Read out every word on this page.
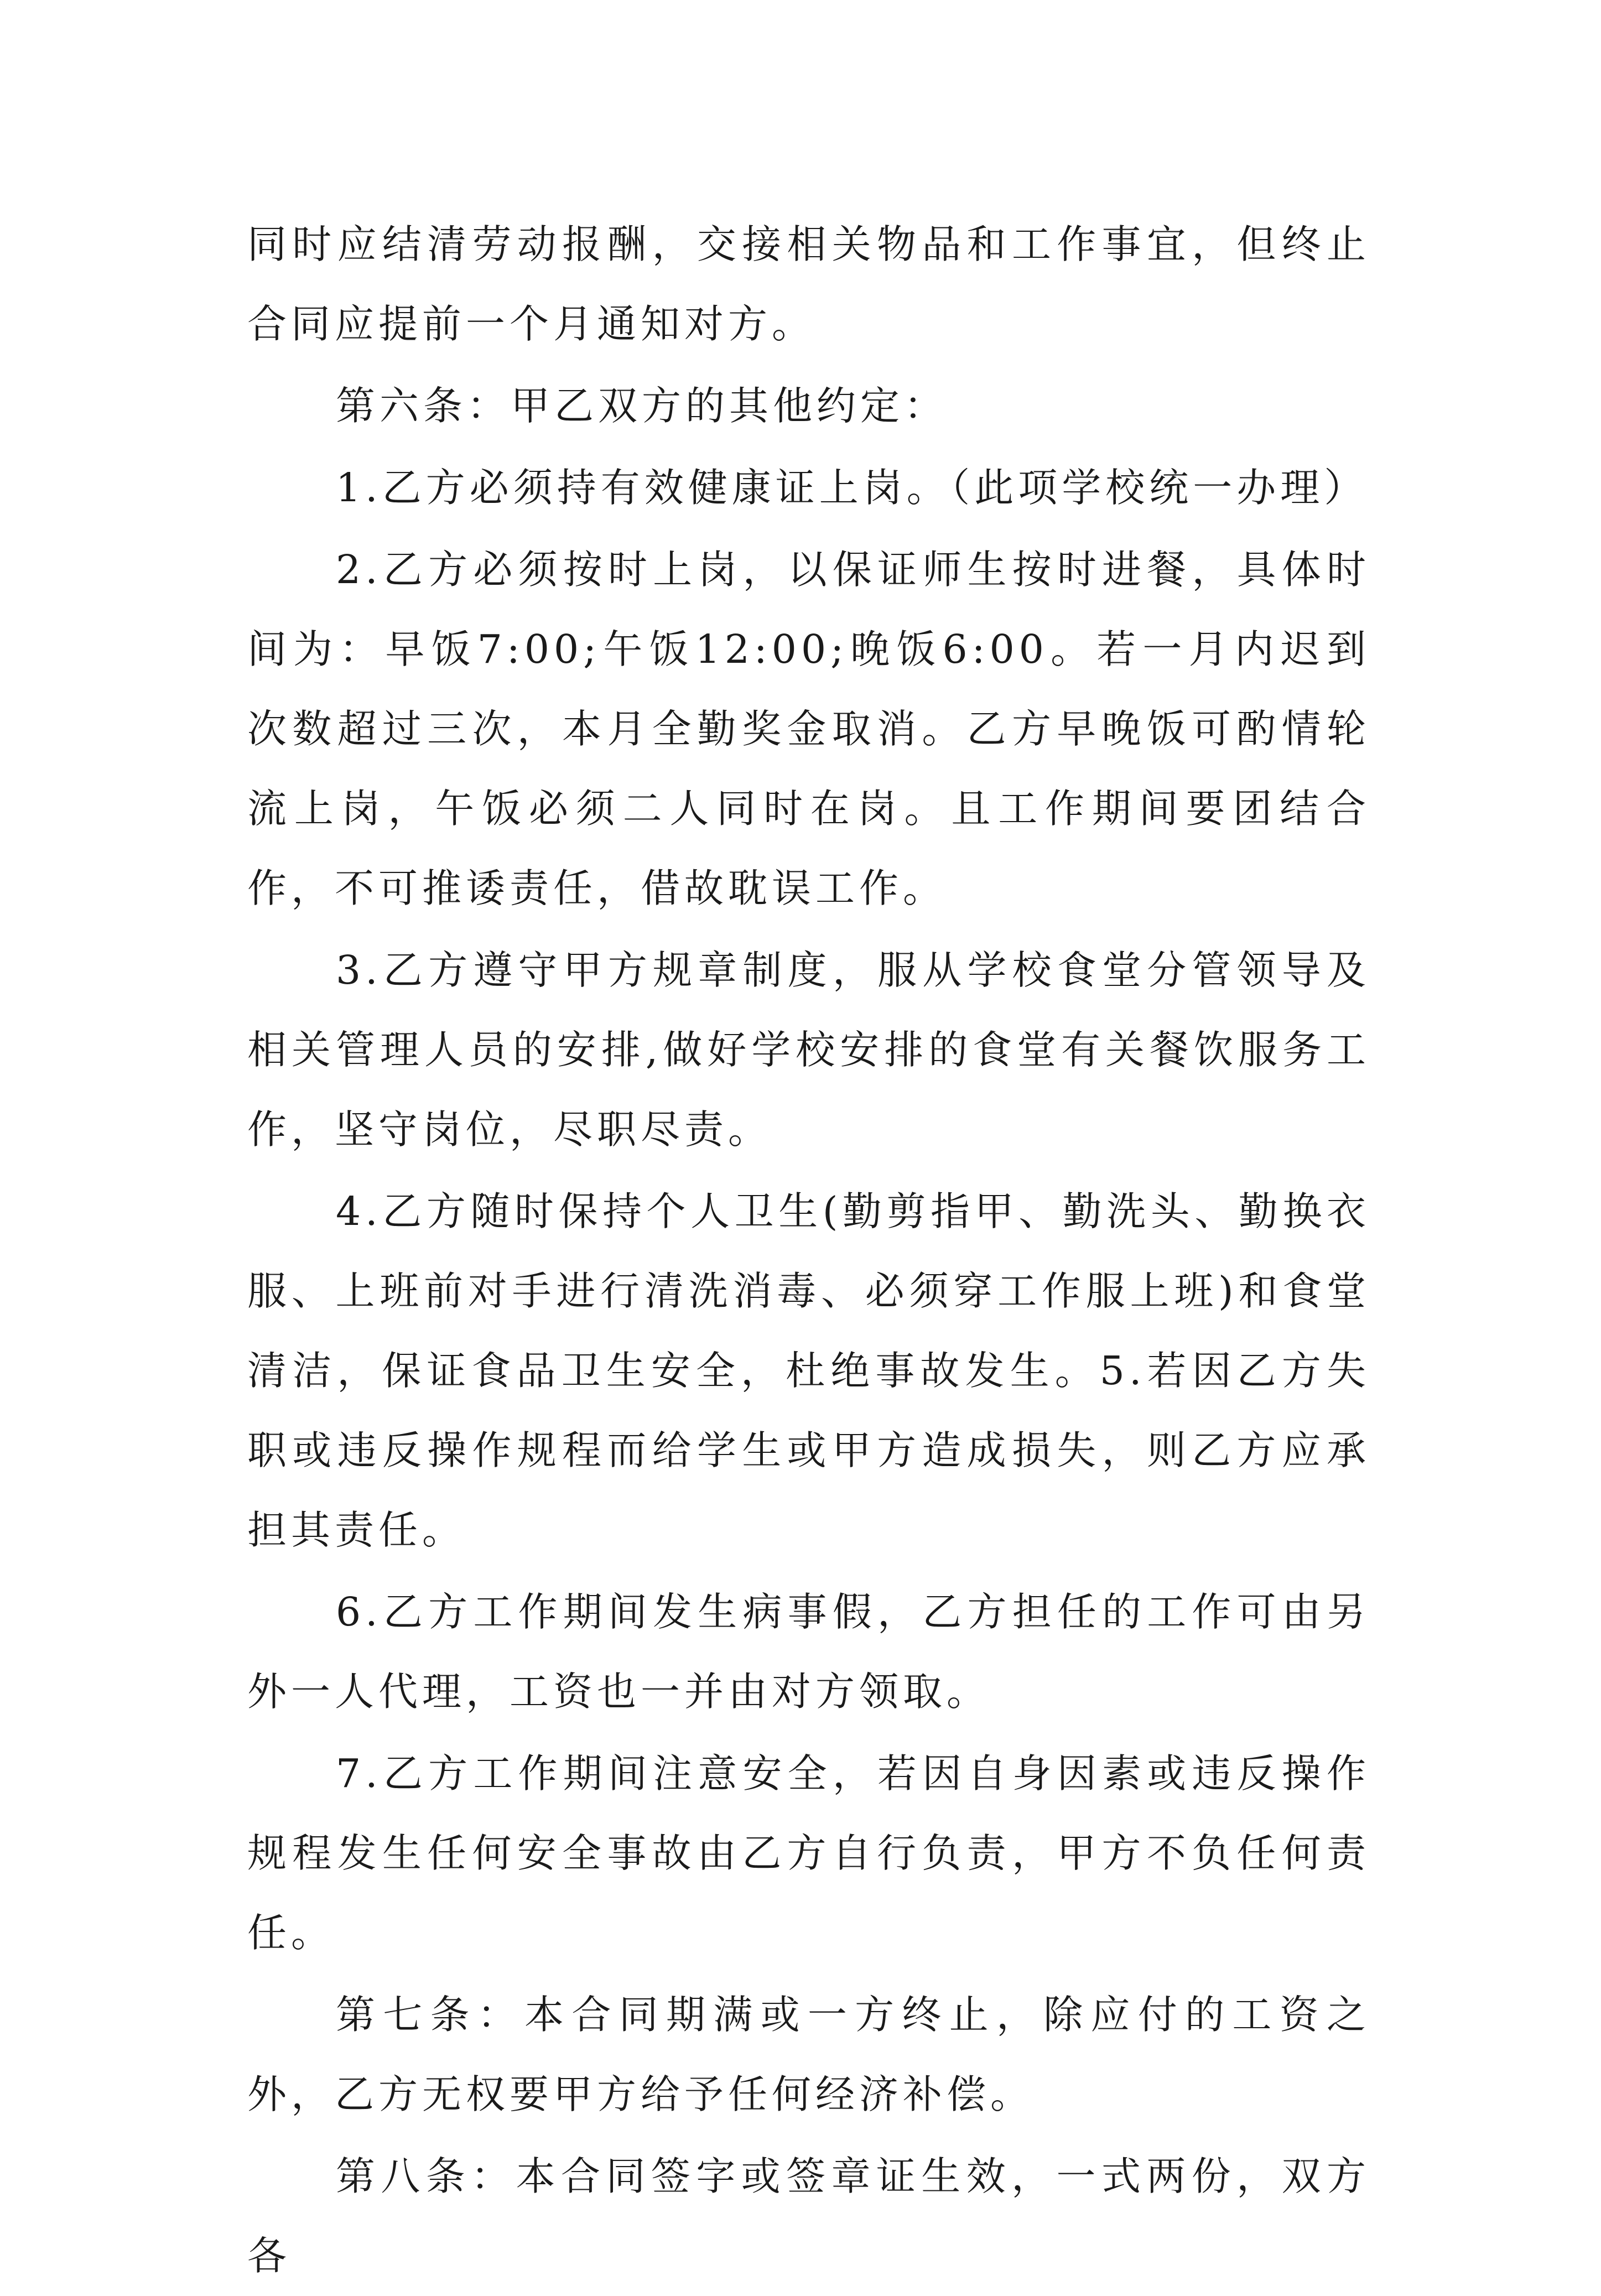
同时应结清劳动报酬，交接相关物品和工作事宜，但终止合同应提前一个月通知对方。

第六条：甲乙双方的其他约定：

1.乙方必须持有效健康证上岗。（此项学校统一办理）

2.乙方必须按时上岗，以保证师生按时进餐，具体时间为：早饭7:00;午饭12:00;晚饭6:00。若一月内迟到次数超过三次，本月全勤奖金取消。乙方早晚饭可酌情轮流上岗，午饭必须二人同时在岗。且工作期间要团结合作，不可推诿责任，借故耽误工作。

3.乙方遵守甲方规章制度，服从学校食堂分管领导及相关管理人员的安排,做好学校安排的食堂有关餐饮服务工作，坚守岗位，尽职尽责。

4.乙方随时保持个人卫生(勤剪指甲、勤洗头、勤换衣服、上班前对手进行清洗消毒、必须穿工作服上班)和食堂清洁，保证食品卫生安全，杜绝事故发生。5.若因乙方失职或违反操作规程而给学生或甲方造成损失，则乙方应承担其责任。

6.乙方工作期间发生病事假，乙方担任的工作可由另外一人代理，工资也一并由对方领取。

7.乙方工作期间注意安全，若因自身因素或违反操作规程发生任何安全事故由乙方自行负责，甲方不负任何责任。

第七条：本合同期满或一方终止，除应付的工资之外，乙方无权要甲方给予任何经济补偿。

第八条：本合同签字或签章证生效，一式两份，双方各
